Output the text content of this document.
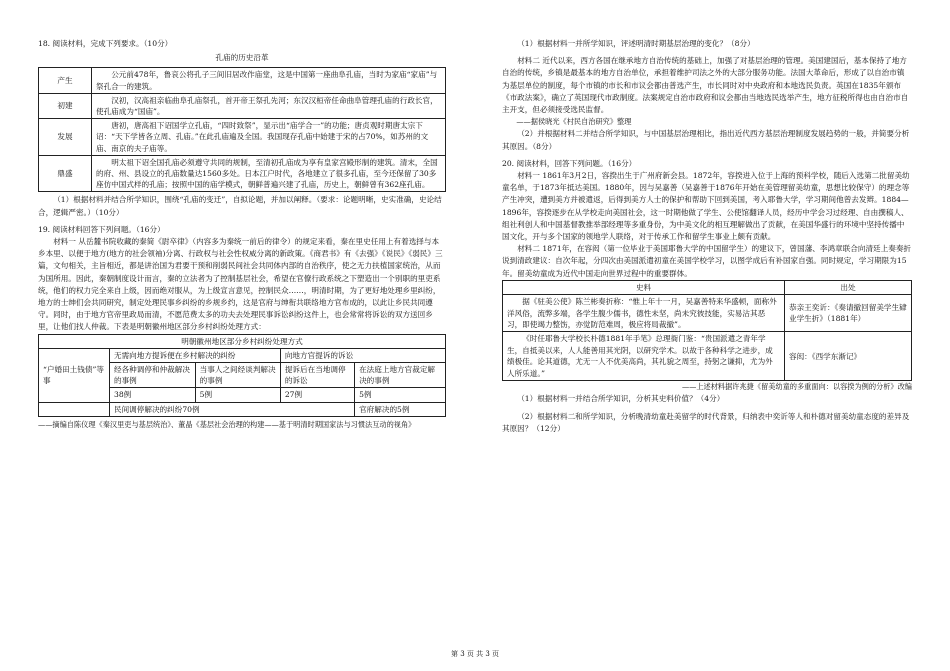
18. 阅读材料，完成下列要求。（10分）

孔庙的历史沿革

产生	公元前478年，鲁哀公将孔子三间旧居改作庙堂，这是中国第一座曲阜孔庙，当时为家庙“家庙”与祭孔合一的建筑。
初建	汉初，汉高祖亲临曲阜孔庙祭孔，首开帝王祭孔先河；东汉汉桓帝任命曲阜管理孔庙的行政长官，使孔庙成为“国庙”。
发展	唐初，唐高祖下诏国学立孔庙，“四时致祭”，显示出“庙学合一”的功能；唐贞观时期唐太宗下诏：“天下学皆各立周、孔庙。”在此孔庙遍及全国。我国现存孔庙中始建于宋的占70%，如苏州的文庙、南京的夫子庙等。
鼎盛	明太祖下诏全国孔庙必须遵守共同的规制，至清初孔庙成为享有皇家宫殿形制的建筑。清末，全国的府、州、县设立的孔庙数量达1560多处。日本江户时代，各地建立了很多孔庙，至今还保留了30多座仿中国式样的孔庙；按照中国的庙学模式，朝鲜普遍兴建了孔庙，历史上，朝鲜曾有362座孔庙。

（1）根据材料并结合所学知识，围绕“孔庙的变迁”，自拟论题，并加以阐释。（要求：论题明晰，史实准确，史论结合，逻辑严密。）（10分）

19. 阅读材料回答下列问题。（16分）

材料一 从岳麓书院收藏的秦简《尉卒律》（内容多为秦统一前后的律令）的规定来看，秦在里史任用上有着选择与本乡本里、以便于地方(地方的社会领袖)分离、行政权与社会性权威分离的新政策。《商君书》有《去强》《说民》《弱民》三篇，文句相关，主旨相近，都是讲治国为君要干预和削弱民间社会共同体内部的自治秩序，使之无力扶植国家统治，从而为国所用。因此，秦朝制度设计而言，秦的立法者为了控制基层社会，希望在官僚行政系统之下塑造出一个别职的里吏系统，他们的权力完全来自上级，因而绝对服从，为上级宣言意见，控制民众……，明清时期，为了更好地处理乡里纠纷，地方的士绅们会共同研究，制定处理民事乡纠纷的乡规乡约，这是官府与绅衔共联络地方官布成的，以此让乡民共同遵守。同时，由于地方官帝里政局而清，不愿范费太多的功夫去处理民事诉讼纠纷这件上，也会常常将诉讼的双方送回乡里，让他们找人仲裁。下表是明朝徽州地区部分乡村纠纷处理方式：

明朝徽州地区部分乡村纠纷处理方式				
“户婚田土钱债”等事	无需向地方提诉便在乡村解决的纠纷		向地方官提诉的诉讼	
	经各种调停和仲裁解决的事例	当事人之间经谈判解决的事例	提诉后在当地调停的诉讼	在法庭上地方官裁定解决的事例
	38例	5例	27例	5例
	民间调停解决的纠纷70例			官府解决的5例

——摘编自陈仪理《秦汉里吏与基层统治》、董晶《基层社会治理的构建——基于明清时期国家法与习惯法互动的视角》

（1）根据材料一并所学知识，评述明清时期基层治理的变化？（8分）

材料二 近代以来，西方各国在继承地方自治传统的基础上，加强了对基层治理的管理。美国建国后，基本保持了地方自治的传统，乡镇是最基本的地方自治单位，承担着维护司法之外的大部分服务功能。法国大革命后，形成了以自治市镇为基层单位的制度，每个市镇的市长和市议会都由普选产生，市长同时对中央政府和本地选民负责。英国在1835年颁布《市政法案》，确立了英国现代市政制度。法案规定自治市政府和议会都由当地选民选举产生，地方征税所得也由自治市自主开支，但必须接受选民监督。

——据侯晓光《村民自治研究》整理

（2）并根据材料二并结合所学知识，与中国基层治理相比，指出近代西方基层治理制度发展趋势的一般，并简要分析其原因。（8分）

20. 阅读材料，回答下列问题。（16分）

材料一 1861年3月2日，容揆出生于广州府新会县。1872年，容揆进入位于上海的预科学校，随后入选第二批留美幼童名单，于1873年抵达美国。1880年，因与吴嘉善（吴嘉善于1876年开始在美管理留美幼童，思想比较保守）的理念等产生冲突，遭到美方并被遣返，后得到美方人士的保护和帮助下回到美国，考入耶鲁大学，学习期间他曾去发辫。1884—1896年，容揆逐步在从学校走向美国社会，这一时期他做了学生、公使馆翻译人员，经历中学会习过经理、自由撰稿人、组社利创人和中国基督教推举部经理等多重身份，为中美文化的相互理解做出了贡献，在美国华盛行的环境中坚持传播中国文化，开与多个国家的领地学人联络，对于传承工作和留学生事业上颇有贡献。

材料二 1871年，在容闳（第一位毕业于美国耶鲁大学的中国留学生）的建议下，曾国藩、李鸿章联合向清廷上奏奏折说到清政建议：自次年起，分四次由美国派遣初童在美国学校学习，以图学成后有补国家自强。同时规定，学习期限为15年。留美幼童成为近代中国走向世界过程中的重要群体。

史料	出处
据《驻美公使》陈兰彬奏折称：“惟上年十一月，吴嘉善特来华盛顿，面称外洋风俗，流弊多端，各学生腹少儒书，德性未坚，尚未究彼技能，实易沾其恶习，即使竭力整饬，亦觉防范难周，极应将局裁撤”。	恭亲王奕䜣：《奏请撤回留美学生肄业学生折》（1881年）
《时任耶鲁大学校长朴德1881年手笔》总理衙门鉴：“贵国派遣之青年学生，自抵美以来，人人能善用其光阴，以研究学术。以故于各种科学之进步，成绩极佳。论其道德，尤无一人不优美高尚，其礼貌之周至，持躬之谦抑，尤为外人所乐道。”	容闳：《西学东渐记》

——上述材料据许兆捷《留美幼童的多重面向：以容揆为例的分析》改编

（1）根据材料一并结合所学知识，分析其史料价值？（4分）

（2）根据材料二和所学知识，分析晚清幼童赴美留学的时代背景，归纳表中奕䜣等人和朴德对留美幼童态度的差异及其原因？（12分）

第 3 页 共 3 页
